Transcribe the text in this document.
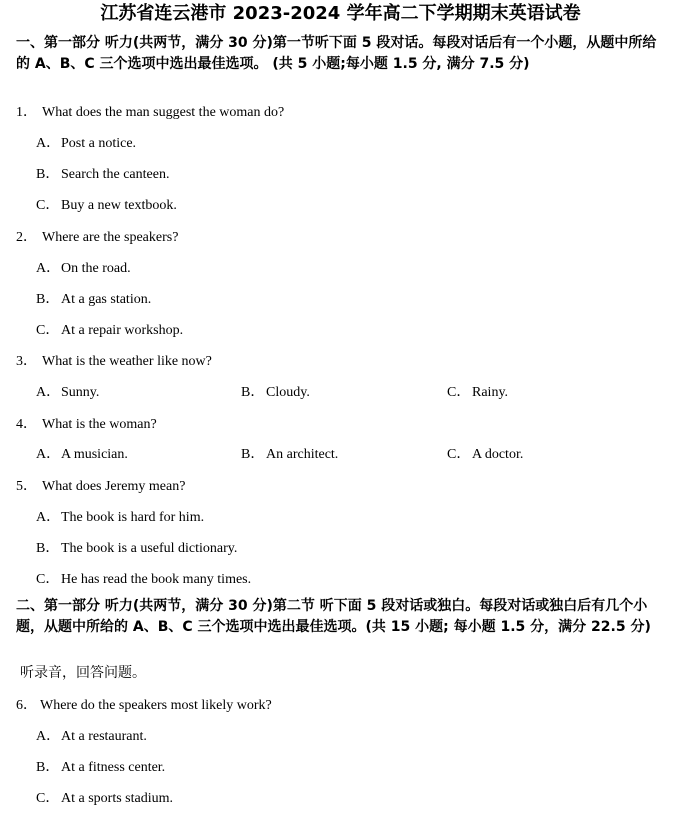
江苏省连云港市 2023-2024 学年高二下学期期末英语试卷
一、第一部分 听力(共两节，满分 30 分)第一节听下面 5 段对话。每段对话后有一个小题，从题中所给的 A、B、C 三个选项中选出最佳选项。 (共 5 小题;每小题 1.5 分, 满分 7.5 分)
1． What does the man suggest the woman do?
A．Post a notice.
B． Search the canteen.
C． Buy a new textbook.
2． Where are the speakers?
A．On the road.
B． At a gas station.
C． At a repair workshop.
3． What is the weather like now?
A．Sunny.	B． Cloudy.	C． Rainy.
4． What is the woman?
A．A musician.	B． An architect.	C． A doctor.
5． What does Jeremy mean?
A．The book is hard for him.
B． The book is a useful dictionary.
C． He has read the book many times.
二、第一部分 听力(共两节，满分 30 分)第二节 听下面 5 段对话或独白。每段对话或独白后有几个小题，从题中所给的 A、B、C 三个选项中选出最佳选项。(共 15 小题; 每小题 1.5 分，满分 22.5 分)
听录音，回答问题。
6． Where do the speakers most likely work?
A．At a restaurant.
B． At a fitness center.
C． At a sports stadium.
